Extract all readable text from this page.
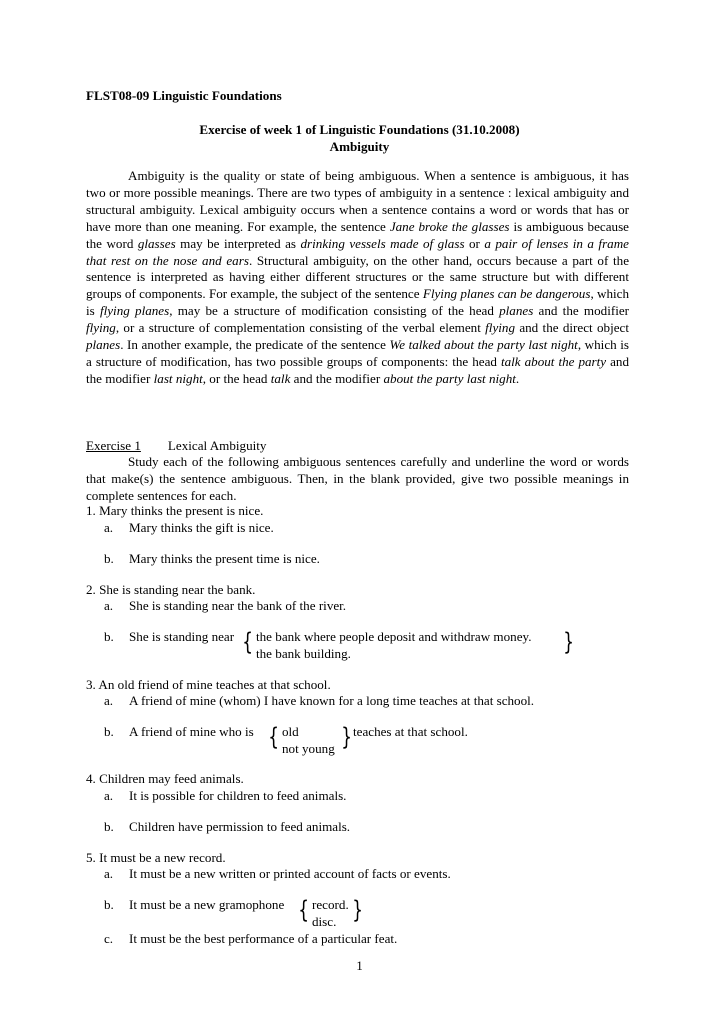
FLST08-09 Linguistic Foundations
Exercise of week 1 of Linguistic Foundations (31.10.2008)
Ambiguity
Ambiguity is the quality or state of being ambiguous. When a sentence is ambiguous, it has two or more possible meanings. There are two types of ambiguity in a sentence : lexical ambiguity and structural ambiguity. Lexical ambiguity occurs when a sentence contains a word or words that has or have more than one meaning. For example, the sentence Jane broke the glasses is ambiguous because the word glasses may be interpreted as drinking vessels made of glass or a pair of lenses in a frame that rest on the nose and ears. Structural ambiguity, on the other hand, occurs because a part of the sentence is interpreted as having either different structures or the same structure but with different groups of components. For example, the subject of the sentence Flying planes can be dangerous, which is flying planes, may be a structure of modification consisting of the head planes and the modifier flying, or a structure of complementation consisting of the verbal element flying and the direct object planes. In another example, the predicate of the sentence We talked about the party last night, which is a structure of modification, has two possible groups of components: the head talk about the party and the modifier last night, or the head talk and the modifier about the party last night.
Exercise 1 Lexical Ambiguity
Study each of the following ambiguous sentences carefully and underline the word or words that make(s) the sentence ambiguous. Then, in the blank provided, give two possible meanings in complete sentences for each.
1. Mary thinks the present is nice.
a. Mary thinks the gift is nice.
b. Mary thinks the present time is nice.
2. She is standing near the bank.
a. She is standing near the bank of the river.
b. She is standing near { the bank where people deposit and withdraw money.
the bank building.	}
3. An old friend of mine teaches at that school.
a. A friend of mine (whom) I have known for a long time teaches at that school.
b. A friend of mine who is { old
not young } teaches at that school.
4. Children may feed animals.
a. It is possible for children to feed animals.
b. Children have permission to feed animals.
5. It must be a new record.
a. It must be a new written or printed account of facts or events.
b. It must be a new gramophone { record.
disc. }
c. It must be the best performance of a particular feat.
1
